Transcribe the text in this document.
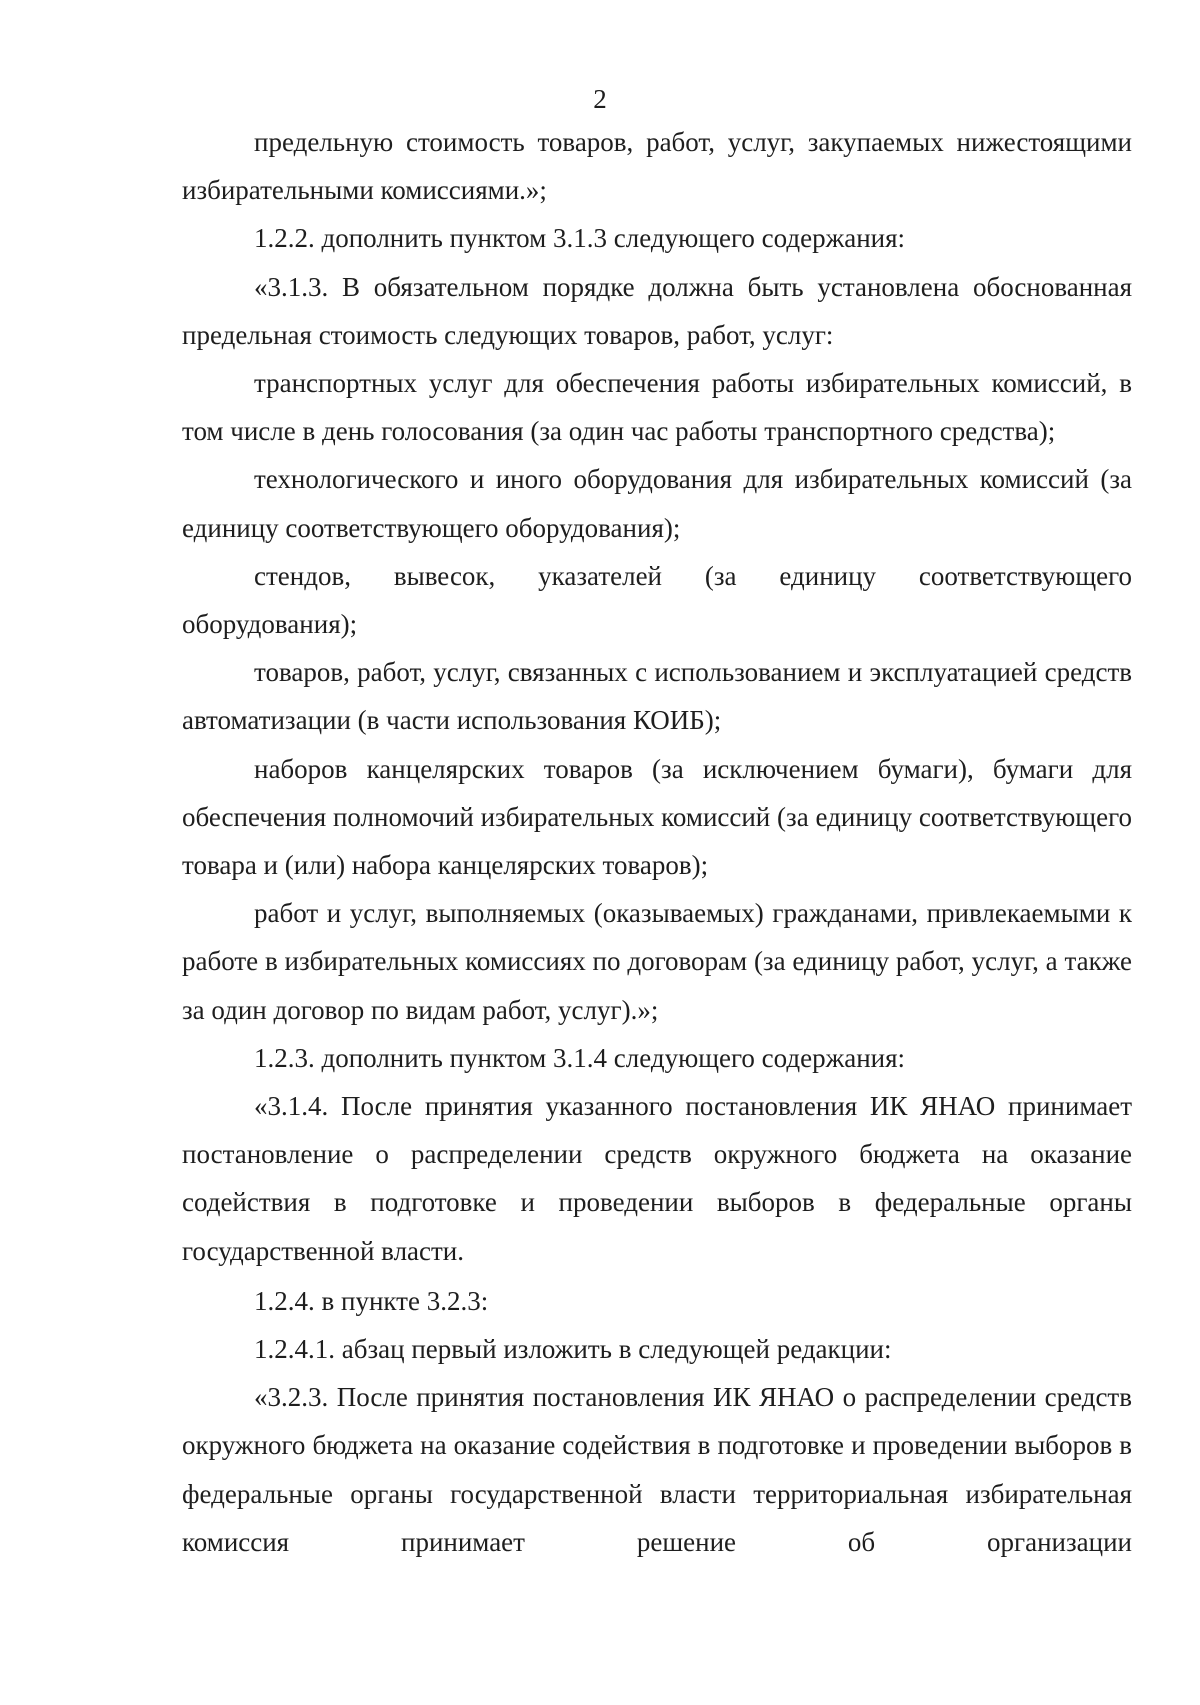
2

предельную стоимость товаров, работ, услуг, закупаемых нижестоящими избирательными комиссиями.»;

1.2.2. дополнить пунктом 3.1.3 следующего содержания:

«3.1.3. В обязательном порядке должна быть установлена обоснованная предельная стоимость следующих товаров, работ, услуг:

транспортных услуг для обеспечения работы избирательных комиссий, в том числе в день голосования (за один час работы транспортного средства);

технологического и иного оборудования для избирательных комиссий (за единицу соответствующего оборудования);

стендов, вывесок, указателей (за единицу соответствующего оборудования);

товаров, работ, услуг, связанных с использованием и эксплуатацией средств автоматизации (в части использования КОИБ);

наборов канцелярских товаров (за исключением бумаги), бумаги для обеспечения полномочий избирательных комиссий (за единицу соответствующего товара и (или) набора канцелярских товаров);

работ и услуг, выполняемых (оказываемых) гражданами, привлекаемыми к работе в избирательных комиссиях по договорам (за единицу работ, услуг, а также за один договор по видам работ, услуг).»;

1.2.3. дополнить пунктом 3.1.4 следующего содержания:

«3.1.4. После принятия указанного постановления ИК ЯНАО принимает постановление о распределении средств окружного бюджета на оказание содействия в подготовке и проведении выборов в федеральные органы государственной власти.

1.2.4. в пункте 3.2.3:

1.2.4.1. абзац первый изложить в следующей редакции:

«3.2.3. После принятия постановления ИК ЯНАО о распределении средств окружного бюджета на оказание содействия в подготовке и проведении выборов в федеральные органы государственной власти территориальная избирательная комиссия принимает решение об организации
